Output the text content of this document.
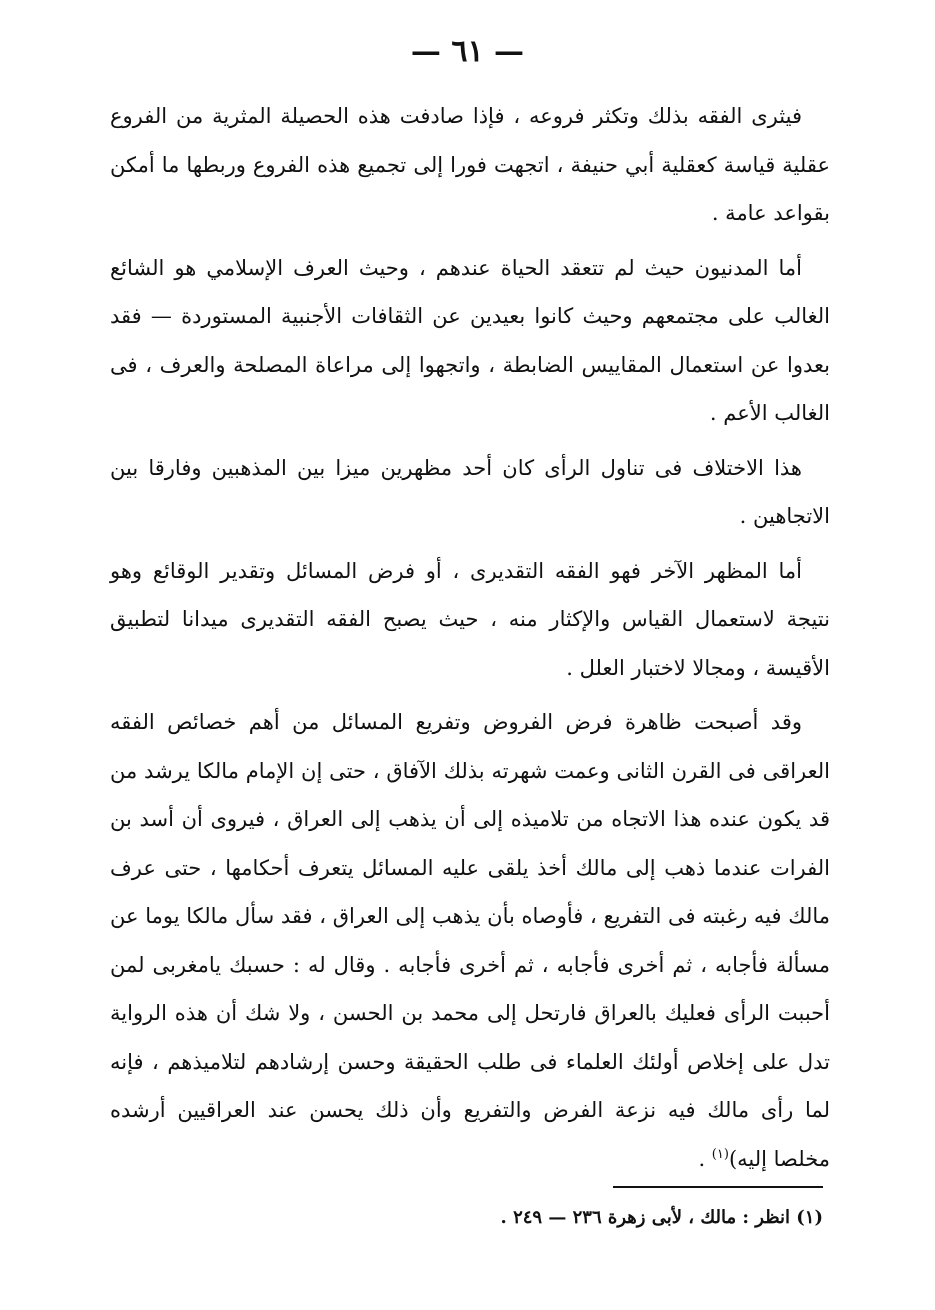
— ٦١ —

فيثرى الفقه بذلك وتكثر فروعه ، فإذا صادفت هذه الحصيلة المثرية من الفروع عقلية قياسة كعقلية أبي حنيفة ، اتجهت فورا إلى تجميع هذه الفروع وربطها ما أمكن بقواعد عامة .

أما المدنيون حيث لم تتعقد الحياة عندهم ، وحيث العرف الإسلامي هو الشائع الغالب على مجتمعهم وحيث كانوا بعيدين عن الثقافات الأجنبية المستوردة — فقد بعدوا عن استعمال المقاييس الضابطة ، واتجهوا إلى مراعاة المصلحة والعرف ، فى الغالب الأعم .

هذا الاختلاف فى تناول الرأى كان أحد مظهرين ميزا بين المذهبين وفارقا بين الاتجاهين .

أما المظهر الآخر فهو الفقه التقديرى ، أو فرض المسائل وتقدير الوقائع وهو نتيجة لاستعمال القياس والإكثار منه ، حيث يصبح الفقه التقديرى ميدانا لتطبيق الأقيسة ، ومجالا لاختبار العلل .

وقد أصبحت ظاهرة فرض الفروض وتفريع المسائل من أهم خصائص الفقه العراقى فى القرن الثانى وعمت شهرته بذلك الآفاق ، حتى إن الإمام مالكا يرشد من قد يكون عنده هذا الاتجاه من تلاميذه إلى أن يذهب إلى العراق ، فيروى أن أسد بن الفرات عندما ذهب إلى مالك أخذ يلقى عليه المسائل يتعرف أحكامها ، حتى عرف مالك فيه رغبته فى التفريع ، فأوصاه بأن يذهب إلى العراق ، فقد سأل مالكا يوما عن مسألة فأجابه ، ثم أخرى فأجابه ، ثم أخرى فأجابه . وقال له : حسبك يامغربى لمن أحببت الرأى فعليك بالعراق فارتحل إلى محمد بن الحسن ، ولا شك أن هذه الرواية تدل على إخلاص أولئك العلماء فى طلب الحقيقة وحسن إرشادهم لتلاميذهم ، فإنه لما رأى مالك فيه نزعة الفرض والتفريع وأن ذلك يحسن عند العراقيين أرشده مخلصا إليه)$^{(١)}$ .

(١) انظر : مالك ، لأبى زهرة ٢٣٦ — ٢٤٩ .
